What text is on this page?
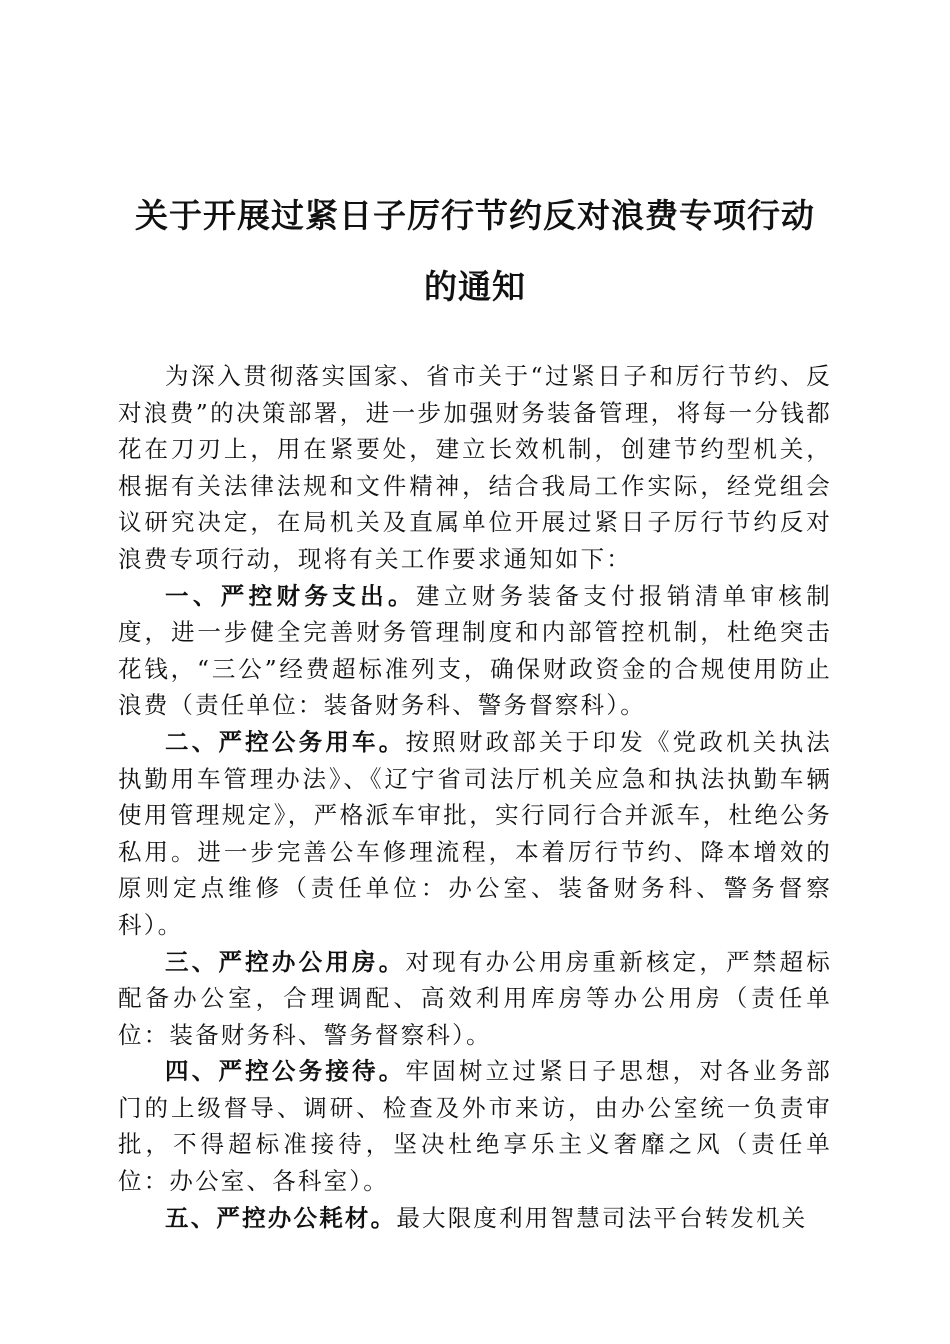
关于开展过紧日子厉行节约反对浪费专项行动
的通知

为深入贯彻落实国家、省市关于“过紧日子和厉行节约、反对浪费”的决策部署，进一步加强财务装备管理，将每一分钱都花在刀刃上，用在紧要处，建立长效机制，创建节约型机关，根据有关法律法规和文件精神，结合我局工作实际，经党组会议研究决定，在局机关及直属单位开展过紧日子厉行节约反对浪费专项行动，现将有关工作要求通知如下：

一、严控财务支出。建立财务装备支付报销清单审核制度，进一步健全完善财务管理制度和内部管控机制，杜绝突击花钱，“三公”经费超标准列支，确保财政资金的合规使用防止浪费（责任单位：装备财务科、警务督察科）。

二、严控公务用车。按照财政部关于印发《党政机关执法执勤用车管理办法》、《辽宁省司法厅机关应急和执法执勤车辆使用管理规定》，严格派车审批，实行同行合并派车，杜绝公务私用。进一步完善公车修理流程，本着厉行节约、降本增效的原则定点维修（责任单位：办公室、装备财务科、警务督察科）。

三、严控办公用房。对现有办公用房重新核定，严禁超标配备办公室，合理调配、高效利用库房等办公用房（责任单位：装备财务科、警务督察科）。

四、严控公务接待。牢固树立过紧日子思想，对各业务部门的上级督导、调研、检查及外市来访，由办公室统一负责审批，不得超标准接待，坚决杜绝享乐主义奢靡之风（责任单位：办公室、各科室）。

五、严控办公耗材。最大限度利用智慧司法平台转发机关
